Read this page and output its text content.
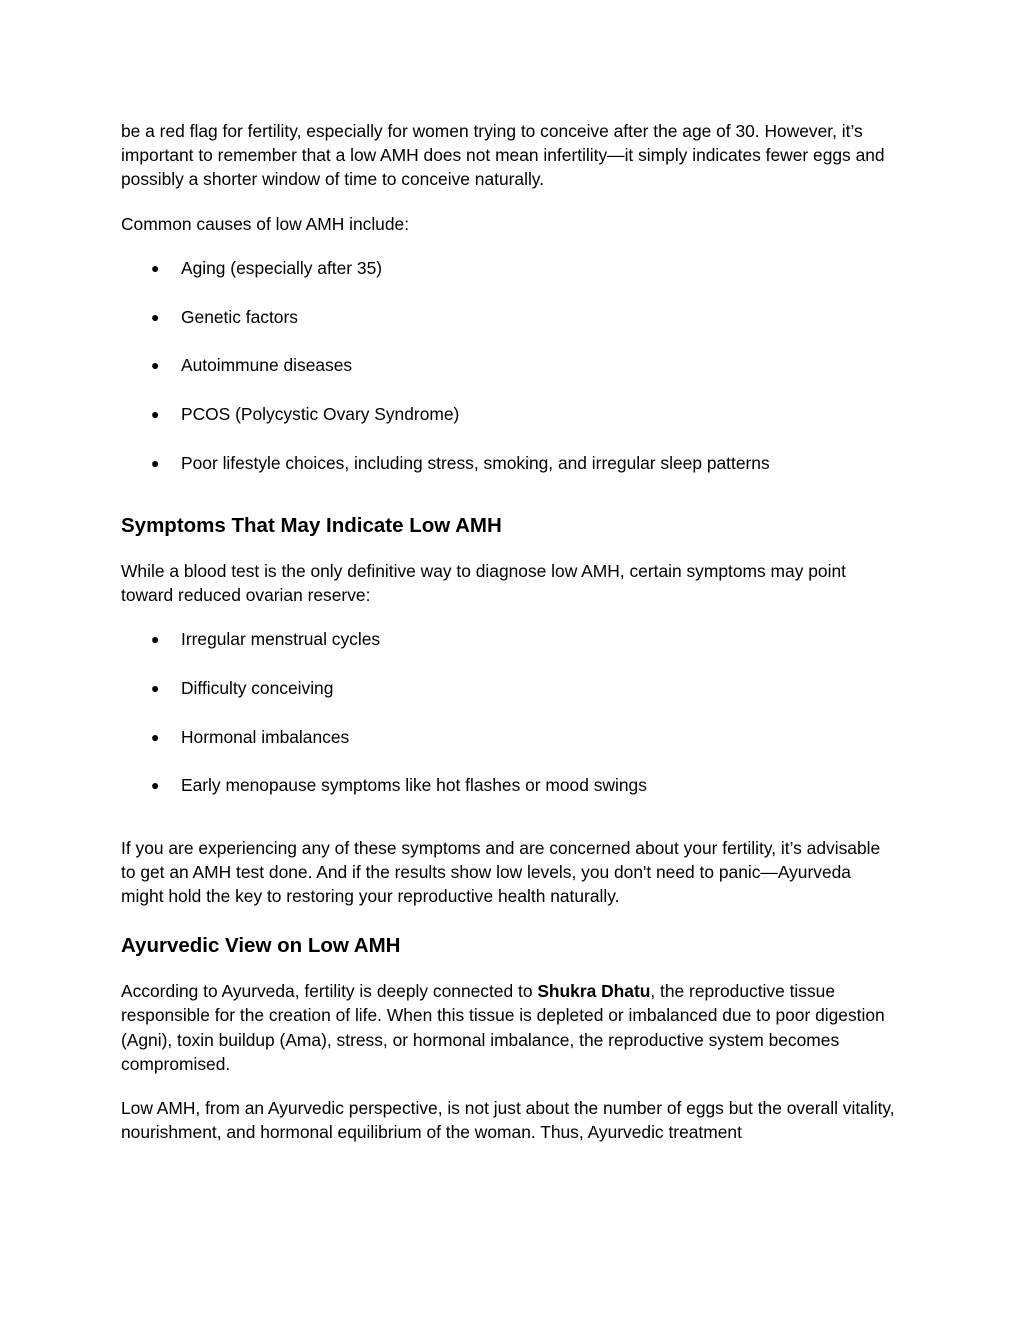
be a red flag for fertility, especially for women trying to conceive after the age of 30. However, it’s important to remember that a low AMH does not mean infertility—it simply indicates fewer eggs and possibly a shorter window of time to conceive naturally.

Common causes of low AMH include:

● Aging (especially after 35)
● Genetic factors
● Autoimmune diseases
● PCOS (Polycystic Ovary Syndrome)
● Poor lifestyle choices, including stress, smoking, and irregular sleep patterns
Symptoms That May Indicate Low AMH

While a blood test is the only definitive way to diagnose low AMH, certain symptoms may point toward reduced ovarian reserve:

● Irregular menstrual cycles
● Difficulty conceiving
● Hormonal imbalances
● Early menopause symptoms like hot flashes or mood swings

If you are experiencing any of these symptoms and are concerned about your fertility, it’s advisable to get an AMH test done. And if the results show low levels, you don't need to panic—Ayurveda might hold the key to restoring your reproductive health naturally.

Ayurvedic View on Low AMH

According to Ayurveda, fertility is deeply connected to Shukra Dhatu, the reproductive tissue responsible for the creation of life. When this tissue is depleted or imbalanced due to poor digestion (Agni), toxin buildup (Ama), stress, or hormonal imbalance, the reproductive system becomes compromised.

Low AMH, from an Ayurvedic perspective, is not just about the number of eggs but the overall vitality, nourishment, and hormonal equilibrium of the woman. Thus, Ayurvedic treatment
